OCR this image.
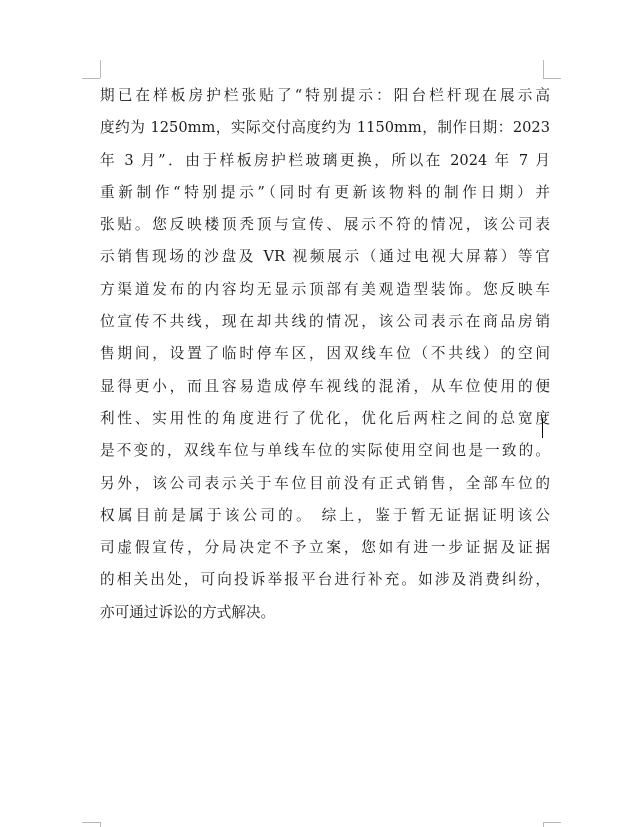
期已在样板房护栏张贴了“特别提示：阳台栏杆现在展示高
度约为 1250mm，实际交付高度约为 1150mm，制作日期：2023
年 3 月”．由于样板房护栏玻璃更换，所以在 2024 年 7 月
重新制作“特别提示”（同时有更新该物料的制作日期）并
张贴。您反映楼顶秃顶与宣传、展示不符的情况，该公司表
示销售现场的沙盘及 VR 视频展示（通过电视大屏幕）等官
方渠道发布的内容均无显示顶部有美观造型装饰。您反映车
位宣传不共线，现在却共线的情况，该公司表示在商品房销
售期间，设置了临时停车区，因双线车位（不共线）的空间
显得更小，而且容易造成停车视线的混淆，从车位使用的便
利性、实用性的角度进行了优化，优化后两柱之间的总宽度
是不变的，双线车位与单线车位的实际使用空间也是一致的。
另外，该公司表示关于车位目前没有正式销售，全部车位的
权属目前是属于该公司的。 综上，鉴于暂无证据证明该公
司虚假宣传，分局决定不予立案，您如有进一步证据及证据
的相关出处，可向投诉举报平台进行补充。如涉及消费纠纷，
亦可通过诉讼的方式解决。
